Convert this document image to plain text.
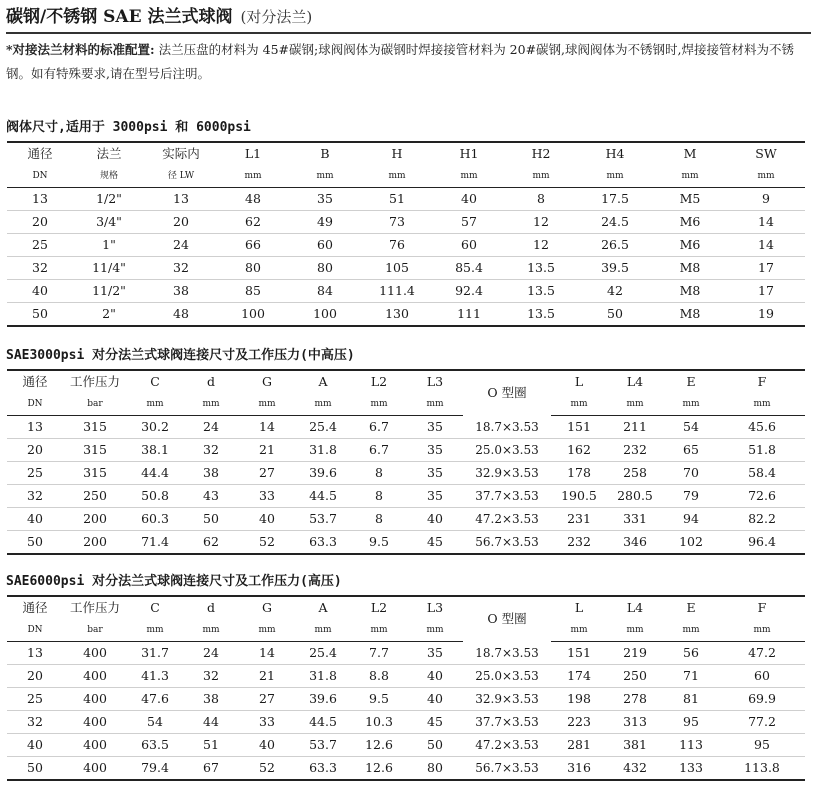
碳钢/不锈钢 SAE 法兰式球阀 (对分法兰)
*对接法兰材料的标准配置: 法兰压盘的材料为 45#碳钢;球阀阀体为碳钢时焊接接管材料为 20#碳钢,球阀阀体为不锈钢时,焊接接管材料为不锈钢。如有特殊要求,请在型号后注明。
阀体尺寸,适用于 3000psi 和 6000psi
通径	法兰	实际内	L1	B	H	H1	H2	H4	M	SW
DN	规格	径 LW	mm	mm	mm	mm	mm	mm	mm	mm
13	1/2"	13	48	35	51	40	8	17.5	M5	9
20	3/4"	20	62	49	73	57	12	24.5	M6	14
25	1"	24	66	60	76	60	12	26.5	M6	14
32	11/4"	32	80	80	105	85.4	13.5	39.5	M8	17
40	11/2"	38	85	84	111.4	92.4	13.5	42	M8	17
50	2"	48	100	100	130	111	13.5	50	M8	19
SAE3000psi 对分法兰式球阀连接尺寸及工作压力(中高压)
通径	工作压力	C	d	G	A	L2	L3	O 型圈	L	L4	E	F
DN	bar	mm	mm	mm	mm	mm	mm		mm	mm	mm	mm
13	315	30.2	24	14	25.4	6.7	35	18.7×3.53	151	211	54	45.6
20	315	38.1	32	21	31.8	6.7	35	25.0×3.53	162	232	65	51.8
25	315	44.4	38	27	39.6	8	35	32.9×3.53	178	258	70	58.4
32	250	50.8	43	33	44.5	8	35	37.7×3.53	190.5	280.5	79	72.6
40	200	60.3	50	40	53.7	8	40	47.2×3.53	231	331	94	82.2
50	200	71.4	62	52	63.3	9.5	45	56.7×3.53	232	346	102	96.4
SAE6000psi 对分法兰式球阀连接尺寸及工作压力(高压)
通径	工作压力	C	d	G	A	L2	L3	O 型圈	L	L4	E	F
DN	bar	mm	mm	mm	mm	mm	mm		mm	mm	mm	mm
13	400	31.7	24	14	25.4	7.7	35	18.7×3.53	151	219	56	47.2
20	400	41.3	32	21	31.8	8.8	40	25.0×3.53	174	250	71	60
25	400	47.6	38	27	39.6	9.5	40	32.9×3.53	198	278	81	69.9
32	400	54	44	33	44.5	10.3	45	37.7×3.53	223	313	95	77.2
40	400	63.5	51	40	53.7	12.6	50	47.2×3.53	281	381	113	95
50	400	79.4	67	52	63.3	12.6	80	56.7×3.53	316	432	133	113.8
